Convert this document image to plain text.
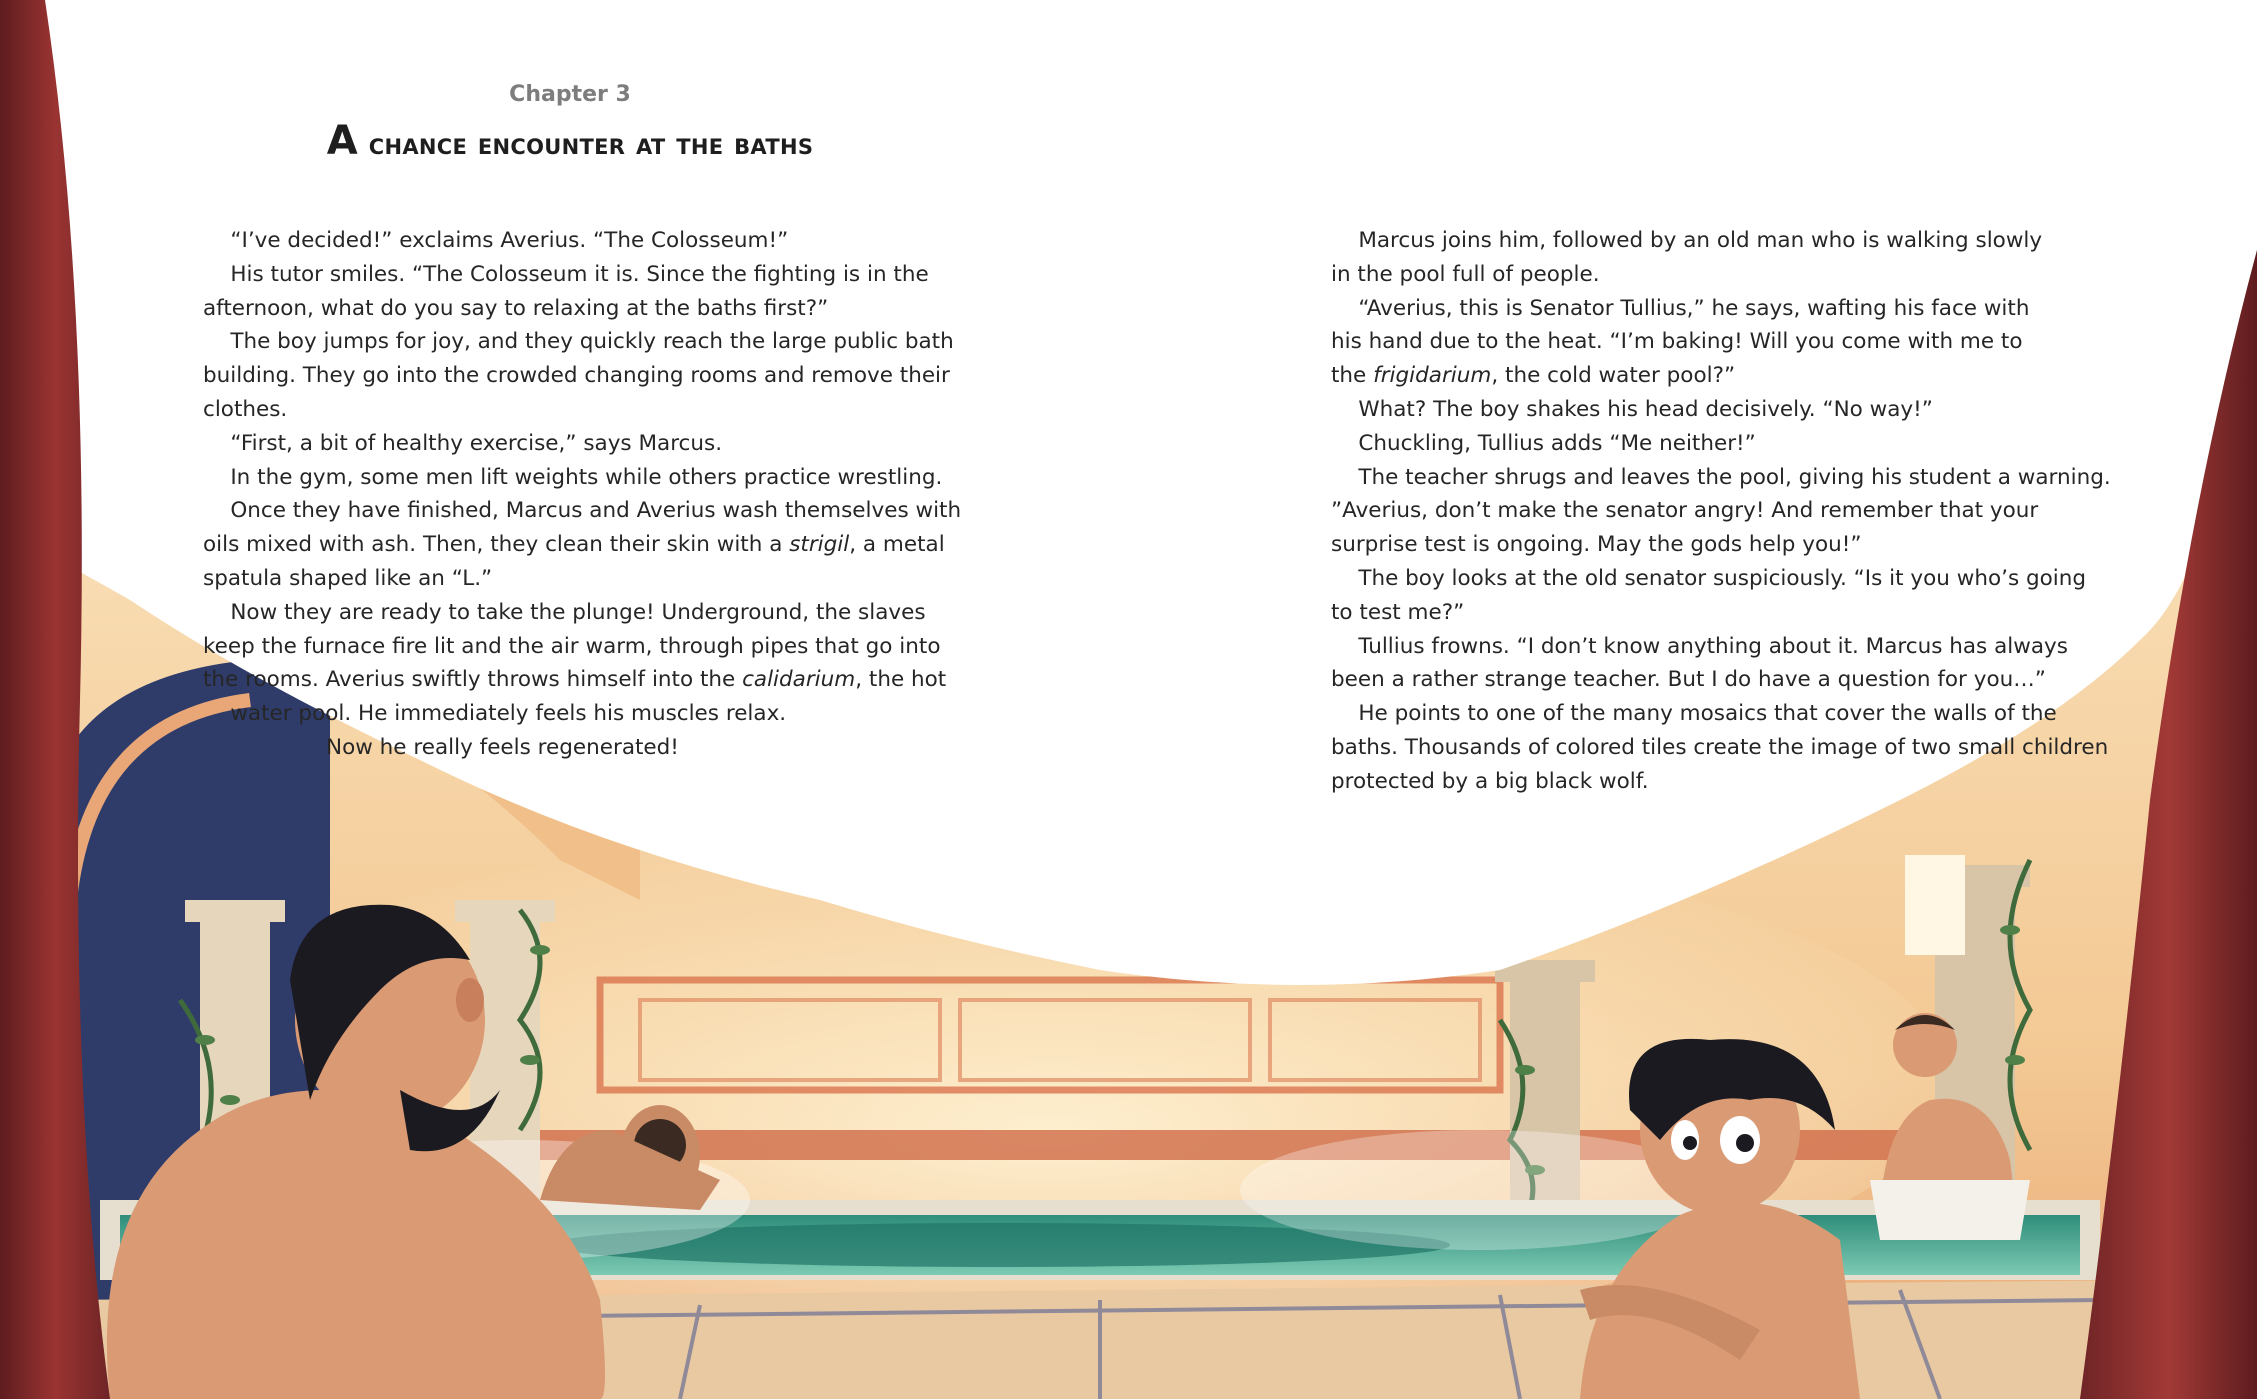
Chapter 3
A chance encounter at the baths
“I’ve decided!” exclaims Averius. “The Colosseum!”
His tutor smiles. “The Colosseum it is. Since the fighting is in the
afternoon, what do you say to relaxing at the baths first?”
The boy jumps for joy, and they quickly reach the large public bath
building. They go into the crowded changing rooms and remove their
clothes.
“First, a bit of healthy exercise,” says Marcus.
In the gym, some men lift weights while others practice wrestling.
Once they have finished, Marcus and Averius wash themselves with
oils mixed with ash. Then, they clean their skin with a strigil, a metal
spatula shaped like an “L.”
Now they are ready to take the plunge! Underground, the slaves
keep the furnace fire lit and the air warm, through pipes that go into
the rooms. Averius swiftly throws himself into the calidarium, the hot
water pool. He immediately feels his muscles relax.
Now he really feels regenerated!
Marcus joins him, followed by an old man who is walking slowly
in the pool full of people.
“Averius, this is Senator Tullius,” he says, wafting his face with
his hand due to the heat. “I’m baking! Will you come with me to
the frigidarium, the cold water pool?”
What? The boy shakes his head decisively. “No way!”
Chuckling, Tullius adds “Me neither!”
The teacher shrugs and leaves the pool, giving his student a warning.
”Averius, don’t make the senator angry! And remember that your
surprise test is ongoing. May the gods help you!”
The boy looks at the old senator suspiciously. “Is it you who’s going
to test me?”
Tullius frowns. “I don’t know anything about it. Marcus has always
been a rather strange teacher. But I do have a question for you…”
He points to one of the many mosaics that cover the walls of the
baths. Thousands of colored tiles create the image of two small children
protected by a big black wolf.
